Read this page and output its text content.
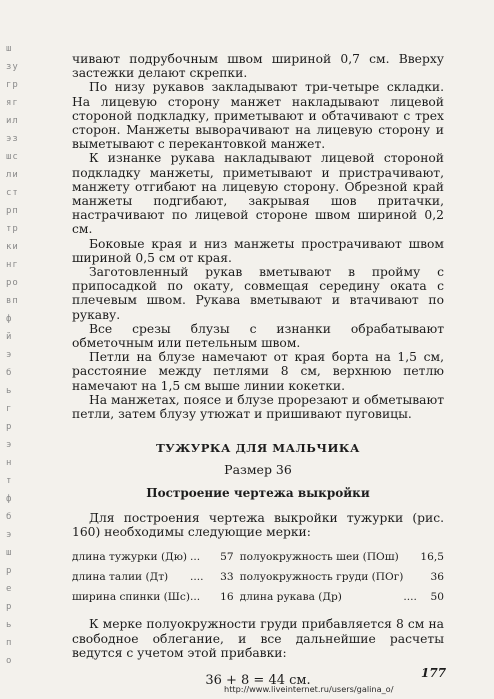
ш
зу
гр
яг
ил
эз
шс
ли
ст
рп
тр
ки
нг
ро
вп
ф
й
э
б
ь
г
р
э
н
т
ф
б
э
ш
р
е
р
ь
п
о

чивают подрубочным швом шириной 0,7 см. Вверху застежки делают скрепки.

По низу рукавов закладывают три-четыре складки. На лицевую сторону манжет накладывают лицевой стороной подкладку, приметывают и обтачивают с трех сторон. Манжеты выворачивают на лицевую сторону и выметывают с перекантовкой манжет.

К изнанке рукава накладывают лицевой стороной подкладку манжеты, приметывают и пристрачивают, манжету отгибают на лицевую сторону. Обрезной край манжеты подгибают, закрывая шов притачки, настрачивают по лицевой стороне швом шириной 0,2 см.

Боковые края и низ манжеты прострачивают швом шириной 0,5 см от края.

Заготовленный рукав вметывают в пройму с припосадкой по окату, совмещая середину оката с плечевым швом. Рукава вметывают и втачивают по рукаву.

Все срезы блузы с изнанки обрабатывают обметочным или петельным швом.

Петли на блузе намечают от края борта на 1,5 см, расстояние между петлями 8 см, верхнюю петлю намечают на 1,5 см выше линии кокетки.

На манжетах, поясе и блузе прорезают и обметывают петли, затем блузу утюжат и пришивают пуговицы.

ТУЖУРКА ДЛЯ МАЛЬЧИКА

Размер 36

Построение чертежа выкройки

Для построения чертежа выкройки тужурки (рис. 160) необходимы следующие мерки:

длина тужурки (Дю)	...	57	полуокружность шеи (ПОш)		16,5
длина талии (Дт)	....	33	полуокружность груди (ПОг)		36
ширина спинки (Шс)	...	16	длина рукава (Др)	....	50

К мерке полуокружности груди прибавляется 8 см на свободное облегание, и все дальнейшие расчеты ведутся с учетом этой прибавки:

36 + 8 = 44 см.	177
http://www.liveinternet.ru/users/galina_o/
